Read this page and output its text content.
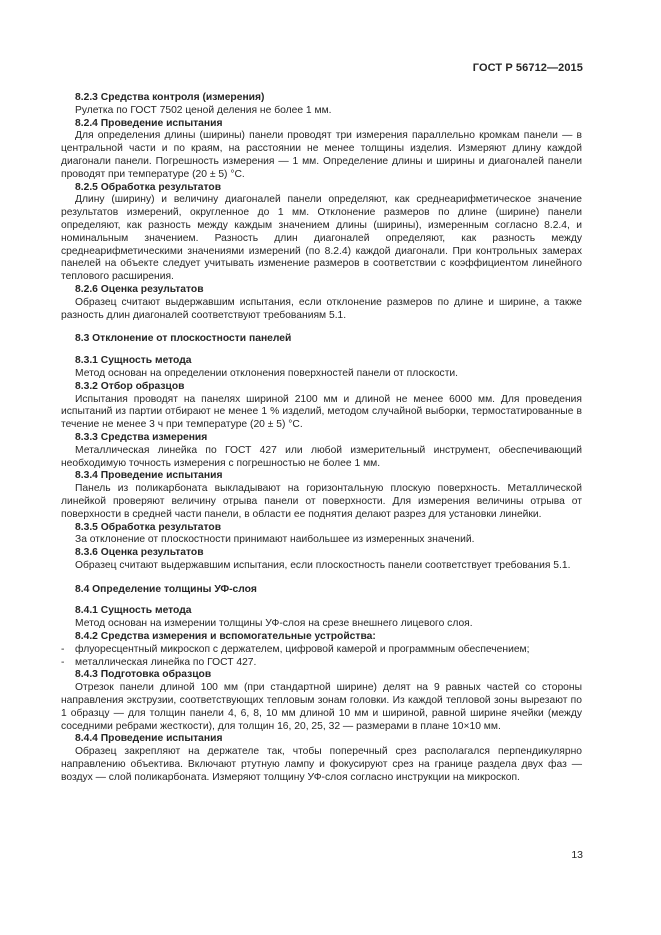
ГОСТ Р 56712—2015

8.2.3 Средства контроля (измерения)

Рулетка по ГОСТ 7502 ценой деления не более 1 мм.

8.2.4 Проведение испытания

Для определения длины (ширины) панели проводят три измерения параллельно кромкам панели — в центральной части и по краям, на расстоянии не менее толщины изделия. Измеряют длину каждой диагонали панели. Погрешность измерения — 1 мм. Определение длины и ширины и диагоналей панели проводят при температуре (20 ± 5) °С.

8.2.5 Обработка результатов

Длину (ширину) и величину диагоналей панели определяют, как среднеарифметическое значение результатов измерений, округленное до 1 мм. Отклонение размеров по длине (ширине) панели определяют, как разность между каждым значением длины (ширины), измеренным согласно 8.2.4, и номинальным значением. Разность длин диагоналей определяют, как разность между среднеарифметическими значениями измерений (по 8.2.4) каждой диагонали. При контрольных замерах панелей на объекте следует учитывать изменение размеров в соответствии с коэффициентом линейного теплового расширения.

8.2.6 Оценка результатов

Образец считают выдержавшим испытания, если отклонение размеров по длине и ширине, а также разность длин диагоналей соответствуют требованиям 5.1.

8.3 Отклонение от плоскостности панелей

8.3.1 Сущность метода

Метод основан на определении отклонения поверхностей панели от плоскости.

8.3.2 Отбор образцов

Испытания проводят на панелях шириной 2100 мм и длиной не менее 6000 мм. Для проведения испытаний из партии отбирают не менее 1 % изделий, методом случайной выборки, термостатированные в течение не менее 3 ч при температуре (20 ± 5) °С.

8.3.3 Средства измерения

Металлическая линейка по ГОСТ 427 или любой измерительный инструмент, обеспечивающий необходимую точность измерения с погрешностью не более 1 мм.

8.3.4 Проведение испытания

Панель из поликарбоната выкладывают на горизонтальную плоскую поверхность. Металлической линейкой проверяют величину отрыва панели от поверхности. Для измерения величины отрыва от поверхности в средней части панели, в области ее поднятия делают разрез для установки линейки.

8.3.5 Обработка результатов

За отклонение от плоскостности принимают наибольшее из измеренных значений.

8.3.6 Оценка результатов

Образец считают выдержавшим испытания, если плоскостность панели соответствует требования 5.1.

8.4 Определение толщины УФ-слоя

8.4.1 Сущность метода

Метод основан на измерении толщины УФ-слоя на срезе внешнего лицевого слоя.

8.4.2 Средства измерения и вспомогательные устройства:

- флуоресцентный микроскоп с держателем, цифровой камерой и программным обеспечением;

- металлическая линейка по ГОСТ 427.

8.4.3 Подготовка образцов

Отрезок панели длиной 100 мм (при стандартной ширине) делят на 9 равных частей со стороны направления экструзии, соответствующих тепловым зонам головки. Из каждой тепловой зоны вырезают по 1 образцу — для толщин панели 4, 6, 8, 10 мм длиной 10 мм и шириной, равной ширине ячейки (между соседними ребрами жесткости), для толщин 16, 20, 25, 32 — размерами в плане 10×10 мм.

8.4.4 Проведение испытания

Образец закрепляют на держателе так, чтобы поперечный срез располагался перпендикулярно направлению объектива. Включают ртутную лампу и фокусируют срез на границе раздела двух фаз — воздух — слой поликарбоната. Измеряют толщину УФ-слоя согласно инструкции на микроскоп.

13
